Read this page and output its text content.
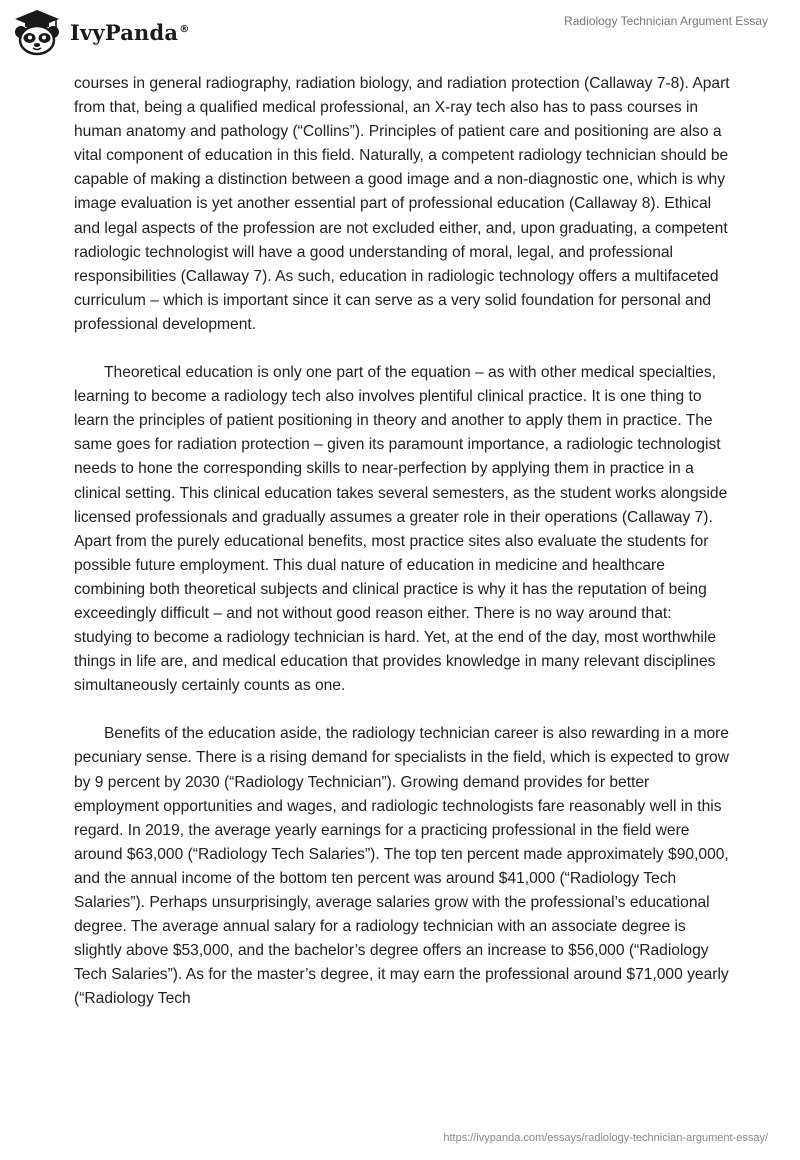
IvyPanda®
Radiology Technician Argument Essay

courses in general radiography, radiation biology, and radiation protection (Callaway 7-8). Apart from that, being a qualified medical professional, an X-ray tech also has to pass courses in human anatomy and pathology (“Collins”). Principles of patient care and positioning are also a vital component of education in this field. Naturally, a competent radiology technician should be capable of making a distinction between a good image and a non-diagnostic one, which is why image evaluation is yet another essential part of professional education (Callaway 8). Ethical and legal aspects of the profession are not excluded either, and, upon graduating, a competent radiologic technologist will have a good understanding of moral, legal, and professional responsibilities (Callaway 7). As such, education in radiologic technology offers a multifaceted curriculum – which is important since it can serve as a very solid foundation for personal and professional development.

Theoretical education is only one part of the equation – as with other medical specialties, learning to become a radiology tech also involves plentiful clinical practice. It is one thing to learn the principles of patient positioning in theory and another to apply them in practice. The same goes for radiation protection – given its paramount importance, a radiologic technologist needs to hone the corresponding skills to near-perfection by applying them in practice in a clinical setting. This clinical education takes several semesters, as the student works alongside licensed professionals and gradually assumes a greater role in their operations (Callaway 7). Apart from the purely educational benefits, most practice sites also evaluate the students for possible future employment. This dual nature of education in medicine and healthcare combining both theoretical subjects and clinical practice is why it has the reputation of being exceedingly difficult – and not without good reason either. There is no way around that: studying to become a radiology technician is hard. Yet, at the end of the day, most worthwhile things in life are, and medical education that provides knowledge in many relevant disciplines simultaneously certainly counts as one.

Benefits of the education aside, the radiology technician career is also rewarding in a more pecuniary sense. There is a rising demand for specialists in the field, which is expected to grow by 9 percent by 2030 (“Radiology Technician”). Growing demand provides for better employment opportunities and wages, and radiologic technologists fare reasonably well in this regard. In 2019, the average yearly earnings for a practicing professional in the field were around $63,000 (“Radiology Tech Salaries”). The top ten percent made approximately $90,000, and the annual income of the bottom ten percent was around $41,000 (“Radiology Tech Salaries”). Perhaps unsurprisingly, average salaries grow with the professional’s educational degree. The average annual salary for a radiology technician with an associate degree is slightly above $53,000, and the bachelor’s degree offers an increase to $56,000 (“Radiology Tech Salaries”). As for the master’s degree, it may earn the professional around $71,000 yearly (“Radiology Tech

https://ivypanda.com/essays/radiology-technician-argument-essay/
